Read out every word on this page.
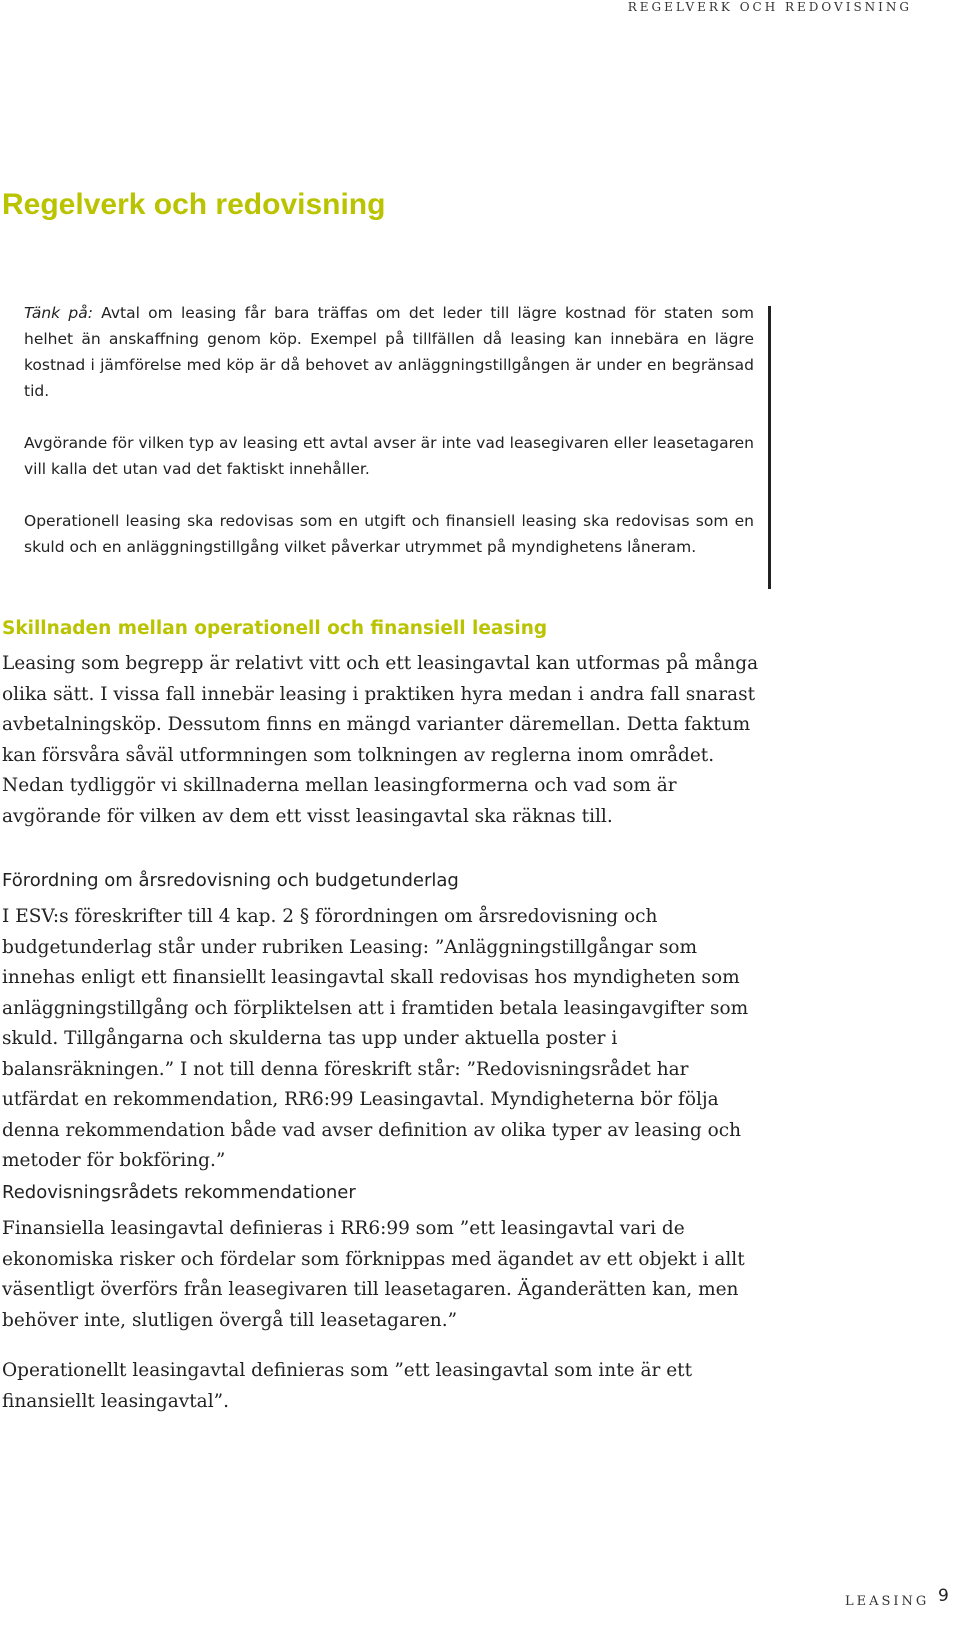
REGELVERK OCH REDOVISNING
Regelverk och redovisning

Tänk på: Avtal om leasing får bara träffas om det leder till lägre kostnad för staten som helhet än anskaffning genom köp. Exempel på tillfällen då leasing kan innebära en lägre kostnad i jämförelse med köp är då behovet av anläggningstillgången är under en begränsad tid.

Avgörande för vilken typ av leasing ett avtal avser är inte vad leasegivaren eller leasetagaren vill kalla det utan vad det faktiskt innehåller.

Operationell leasing ska redovisas som en utgift och finansiell leasing ska redovisas som en skuld och en anläggningstillgång vilket påverkar utrymmet på myndighetens låneram.

Skillnaden mellan operationell och finansiell leasing

Leasing som begrepp är relativt vitt och ett leasingavtal kan utformas på många olika sätt. I vissa fall innebär leasing i praktiken hyra medan i andra fall snarast avbetalningsköp. Dessutom finns en mängd varianter däremellan. Detta faktum kan försvåra såväl utformningen som tolkningen av reglerna inom området. Nedan tydliggör vi skillnaderna mellan leasingformerna och vad som är avgörande för vilken av dem ett visst leasingavtal ska räknas till.

Förordning om årsredovisning och budgetunderlag

I ESV:s föreskrifter till 4 kap. 2 § förordningen om årsredovisning och budgetunderlag står under rubriken Leasing: ”Anläggningstillgångar som innehas enligt ett finansiellt leasingavtal skall redovisas hos myndigheten som anläggningstillgång och förpliktelsen att i framtiden betala leasingavgifter som skuld. Tillgångarna och skulderna tas upp under aktuella poster i balansräkningen.” I not till denna föreskrift står: ”Redovisningsrådet har utfärdat en rekommendation, RR6:99 Leasingavtal. Myndigheterna bör följa denna rekommendation både vad avser definition av olika typer av leasing och metoder för bokföring.”

Redovisningsrådets rekommendationer

Finansiella leasingavtal definieras i RR6:99 som ”ett leasingavtal vari de ekonomiska risker och fördelar som förknippas med ägandet av ett objekt i allt väsentligt överförs från leasegivaren till leasetagaren. Äganderätten kan, men behöver inte, slutligen övergå till leasetagaren.”

Operationellt leasingavtal definieras som ”ett leasingavtal som inte är ett finansiellt leasingavtal”.

LEASING 9
